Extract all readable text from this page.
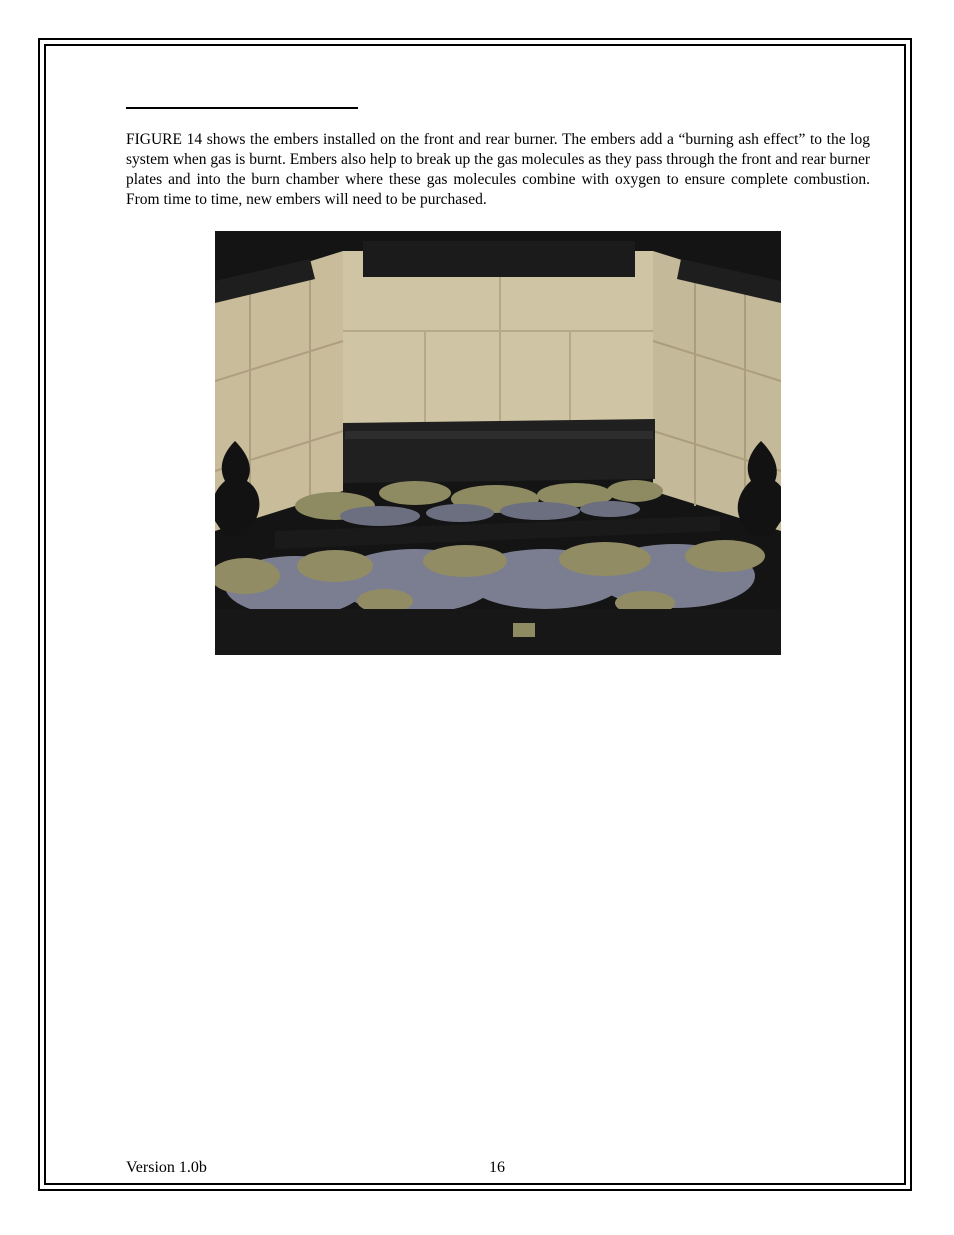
FIGURE 14 shows the embers installed on the front and rear burner. The embers add a “burning ash effect” to the log system when gas is burnt. Embers also help to break up the gas molecules as they pass through the front and rear burner plates and into the burn chamber where these gas molecules combine with oxygen to ensure complete combustion. From time to time, new embers will need to be purchased.

Version 1.0b	16
